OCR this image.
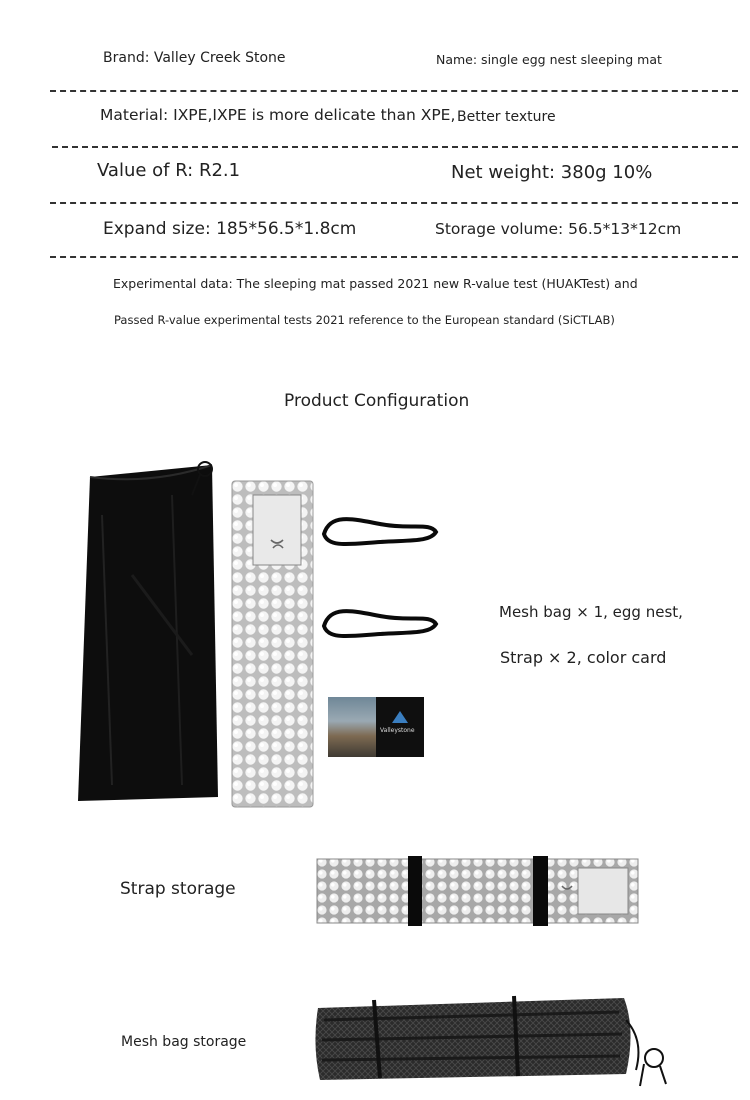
Brand: Valley Creek Stone	Name: single egg nest sleeping mat
Material: IXPE,IXPE is more delicate than XPE, Better texture
Value of R: R2.1	Net weight: 380g 10%
Expand size: 185*56.5*1.8cm	Storage volume: 56.5*13*12cm
Experimental data: The sleeping mat passed 2021 new R-value test (HUAKTest) and
Passed R-value experimental tests 2021 reference to the European standard (SiCTLAB)
Product Configuration
Valleystone
Mesh bag × 1, egg nest,
Strap × 2, color card
Strap storage
Mesh bag storage
